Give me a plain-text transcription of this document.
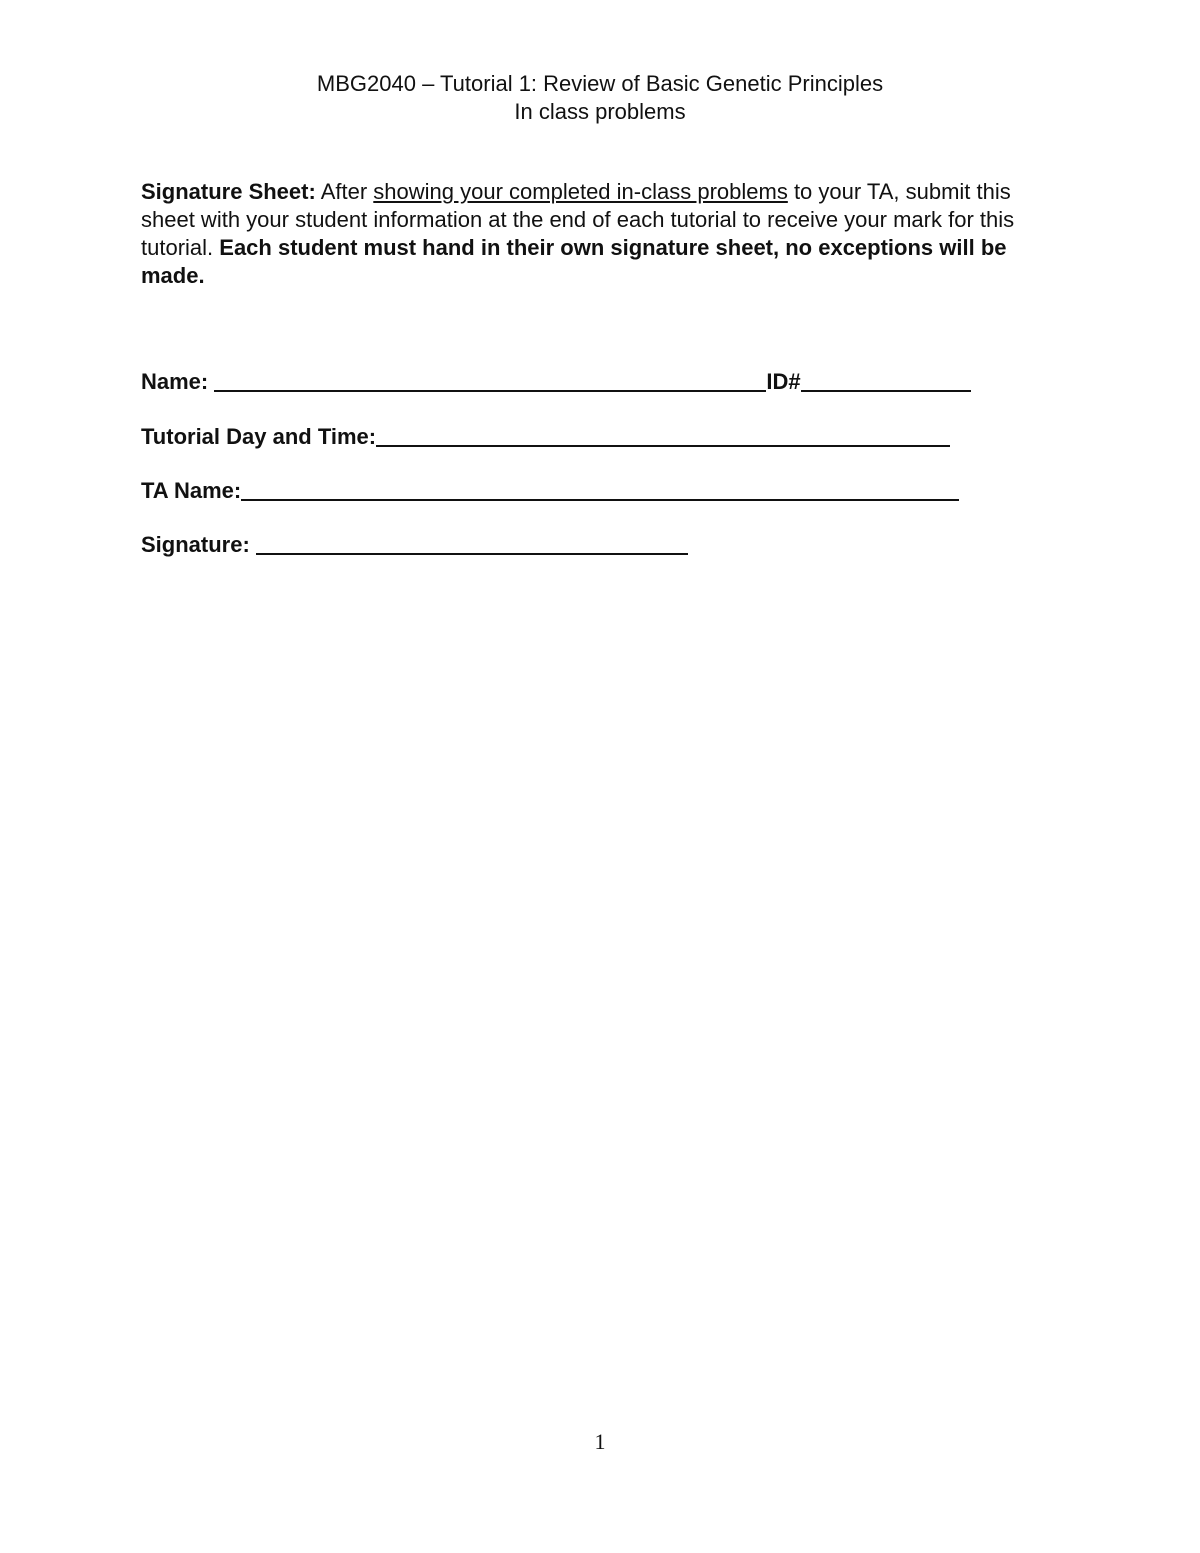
MBG2040 – Tutorial 1: Review of Basic Genetic Principles
In class problems
Signature Sheet: After showing your completed in-class problems to your TA, submit this sheet with your student information at the end of each tutorial to receive your mark for this tutorial. Each student must hand in their own signature sheet, no exceptions will be made.
Name:	ID#
Tutorial Day and Time:
TA Name:
Signature:
1
